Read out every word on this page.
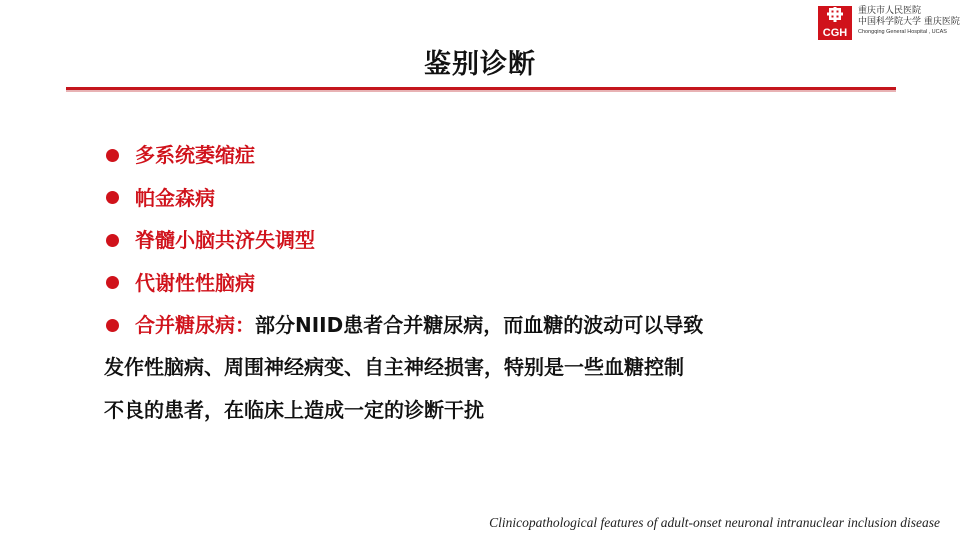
CGH
重庆市人民医院
中国科学院大学 重庆医院
Chongqing General Hospital , UCAS
鉴别诊断
多系统萎缩症
帕金森病
脊髓小脑共济失调型
代谢性性脑病
合并糖尿病：部分NIID患者合并糖尿病，而血糖的波动可以导致
发作性脑病、周围神经病变、自主神经损害，特别是一些血糖控制
不良的患者，在临床上造成一定的诊断干扰
Clinicopathological features of adult-onset neuronal intranuclear inclusion disease
